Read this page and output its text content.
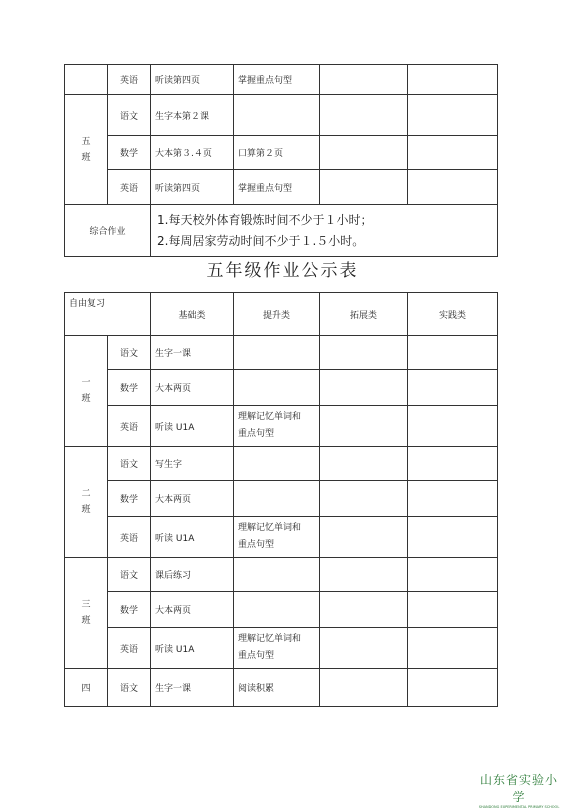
	英语	听读第四页	掌握重点句型		
五
班	语文	生字本第２课			
	数学	大本第３.４页	口算第２页		
	英语	听读第四页	掌握重点句型		
综合作业		1.每天校外体育锻炼时间不少于１小时；
2.每周居家劳动时间不少于１.５小时。			
五年级作业公示表
自由复习		基础类	提升类	拓展类	实践类
一
班	语文	生字一课			
	数学	大本两页			
	英语	听读 U1A	理解记忆单词和
重点句型		
二
班	语文	写生字			
	数学	大本两页			
	英语	听读 U1A	理解记忆单词和
重点句型		
三
班	语文	课后练习			
	数学	大本两页			
	英语	听读 U1A	理解记忆单词和
重点句型		
四	语文	生字一课	阅读积累		
山东省实验小学
SHANDONG EXPERIMENTAL PRIMARY SCHOOL
